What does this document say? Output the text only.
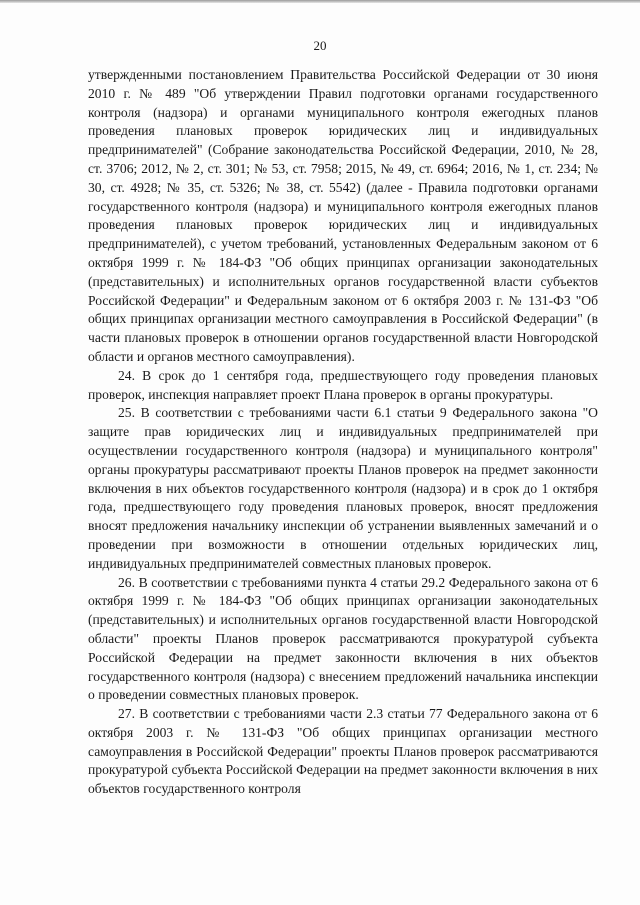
20

утвержденными постановлением Правительства Российской Федерации от 30 июня 2010 г. № 489 "Об утверждении Правил подготовки органами государственного контроля (надзора) и органами муниципального контроля ежегодных планов проведения плановых проверок юридических лиц и индивидуальных предпринимателей" (Собрание законодательства Российской Федерации, 2010, № 28, ст. 3706; 2012, № 2, ст. 301; № 53, ст. 7958; 2015, № 49, ст. 6964; 2016, № 1, ст. 234; № 30, ст. 4928; № 35, ст. 5326; № 38, ст. 5542) (далее - Правила подготовки органами государственного контроля (надзора) и муниципального контроля ежегодных планов проведения плановых проверок юридических лиц и индивидуальных предпринимателей), с учетом требований, установленных Федеральным законом от 6 октября 1999 г. № 184-ФЗ "Об общих принципах организации законодательных (представительных) и исполнительных органов государственной власти субъектов Российской Федерации" и Федеральным законом от 6 октября 2003 г. № 131-ФЗ "Об общих принципах организации местного самоуправления в Российской Федерации" (в части плановых проверок в отношении органов государственной власти Новгородской области и органов местного самоуправления).

24. В срок до 1 сентября года, предшествующего году проведения плановых проверок, инспекция направляет проект Плана проверок в органы прокуратуры.

25. В соответствии с требованиями части 6.1 статьи 9 Федерального закона "О защите прав юридических лиц и индивидуальных предпринимателей при осуществлении государственного контроля (надзора) и муниципального контроля" органы прокуратуры рассматривают проекты Планов проверок на предмет законности включения в них объектов государственного контроля (надзора) и в срок до 1 октября года, предшествующего году проведения плановых проверок, вносят предложения вносят предложения начальнику инспекции об устранении выявленных замечаний и о проведении при возможности в отношении отдельных юридических лиц, индивидуальных предпринимателей совместных плановых проверок.

26. В соответствии с требованиями пункта 4 статьи 29.2 Федерального закона от 6 октября 1999 г. № 184-ФЗ "Об общих принципах организации законодательных (представительных) и исполнительных органов государственной власти Новгородской области" проекты Планов проверок рассматриваются прокуратурой субъекта Российской Федерации на предмет законности включения в них объектов государственного контроля (надзора) с внесением предложений начальника инспекции о проведении совместных плановых проверок.

27. В соответствии с требованиями части 2.3 статьи 77 Федерального закона от 6 октября 2003 г. № 131-ФЗ "Об общих принципах организации местного самоуправления в Российской Федерации" проекты Планов проверок рассматриваются прокуратурой субъекта Российской Федерации на предмет законности включения в них объектов государственного контроля
